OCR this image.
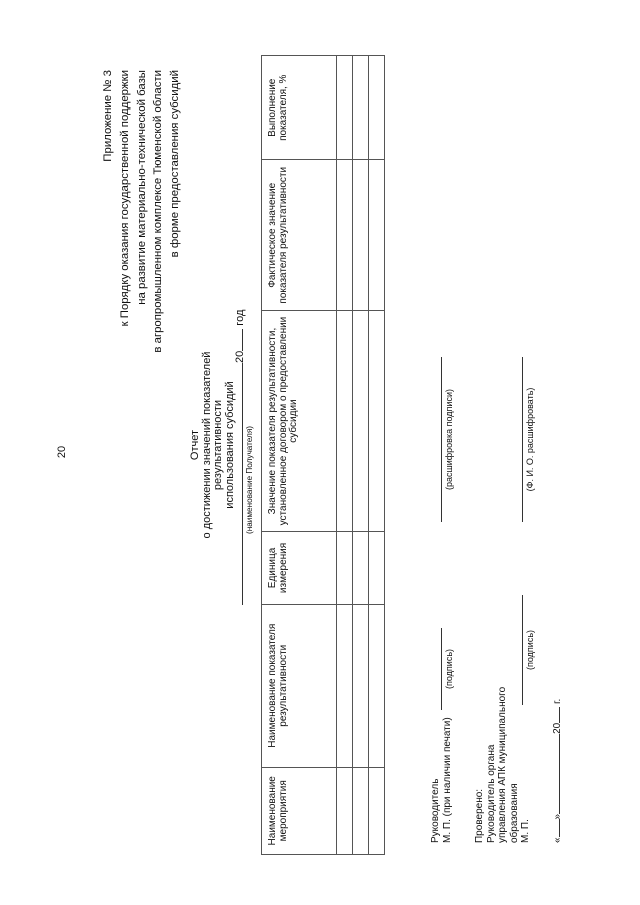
20
Приложение № 3 к Порядку оказания государственной поддержки на развитие материально-технической базы в агропромышленном комплексе Тюменской области в форме предоставления субсидий
Отчет о достижении значений показателей результативности использования субсидий
20 год
(наименование Получателя)
Наименование мероприятия	Наименование показателя результативности	Единица измерения	Значение показателя результативности, установленное договором о предоставлении субсидии	Фактическое значение показателя результативности	Выполнение показателя, %

Руководитель М. П. (при наличии печати)
(подпись)
(расшифровка подписи)
Проверено: Руководитель органа управления АПК муниципального образования М. П.
(подпись)
(Ф. И. О. расшифровать)
«»20 г.
